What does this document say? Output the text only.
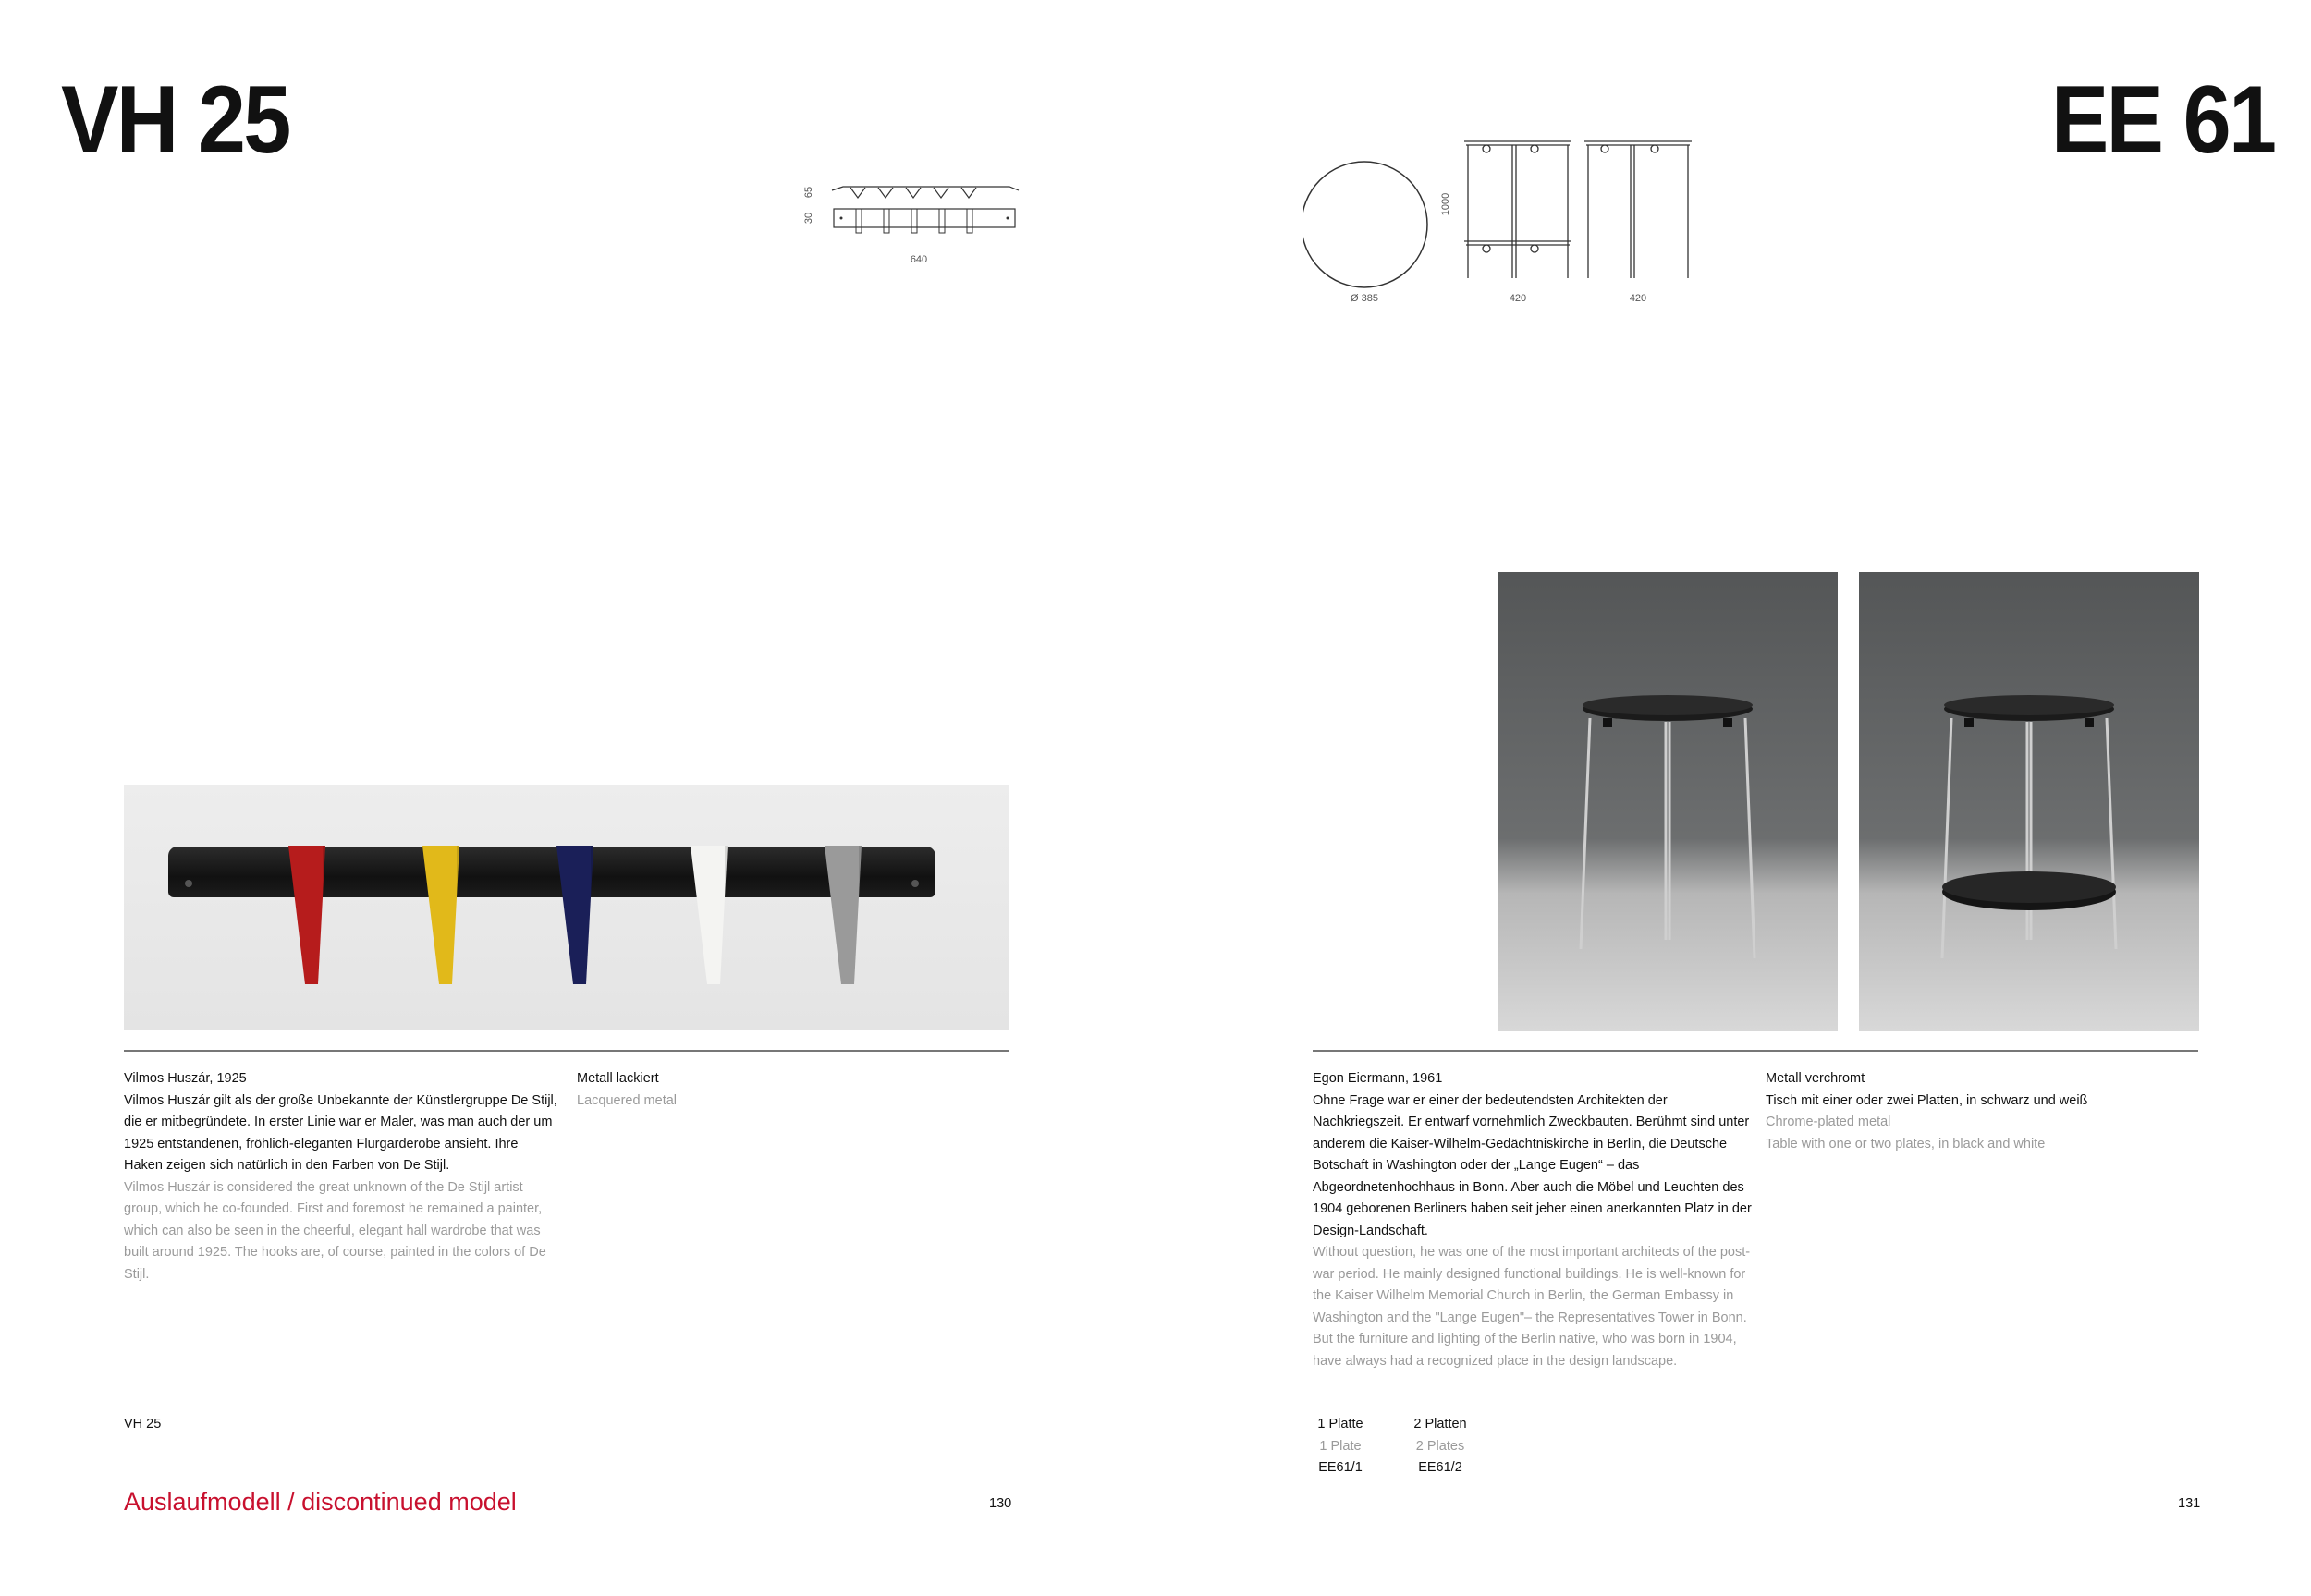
VH 25
65
30
640
Vilmos Huszár, 1925
Vilmos Huszár gilt als der große Unbekannte der Künstlergruppe De Stijl, die er mitbegründete. In erster Linie war er Maler, was man auch der um 1925 entstandenen, fröhlich-eleganten Flurgarderobe ansieht. Ihre Haken zeigen sich natürlich in den Farben von De Stijl.
Vilmos Huszár is considered the great unknown of the De Stijl artist group, which he co-founded. First and foremost he remained a painter, which can also be seen in the cheerful, elegant hall wardrobe that was built around 1925. The hooks are, of course, painted in the colors of De Stijl.
Metall lackiert
Lacquered metal
VH 25
Auslaufmodell / discontinued model	130
EE 61
Ø 385
1000
420	420
Egon Eiermann, 1961
Ohne Frage war er einer der bedeutendsten Architekten der Nachkriegszeit. Er entwarf vornehmlich Zweckbauten. Berühmt sind unter anderem die Kaiser-Wilhelm-Gedächtniskirche in Berlin, die Deutsche Botschaft in Washington oder der „Lange Eugen“ – das Abgeordnetenhochhaus in Bonn. Aber auch die Möbel und Leuchten des 1904 geborenen Berliners haben seit jeher einen anerkannten Platz in der Design-Landschaft.
Without question, he was one of the most important architects of the post-war period. He mainly designed functional buildings. He is well-known for the Kaiser Wilhelm Memorial Church in Berlin, the German Embassy in Washington and the "Lange Eugen"– the Representatives Tower in Bonn. But the furniture and lighting of the Berlin native, who was born in 1904, have always had a recognized place in the design landscape.
Metall verchromt
Tisch mit einer oder zwei Platten, in schwarz und weiß
Chrome-plated metal
Table with one or two plates, in black and white
1 Platte
1 Plate
EE61/1
2 Platten
2 Plates
EE61/2
131
